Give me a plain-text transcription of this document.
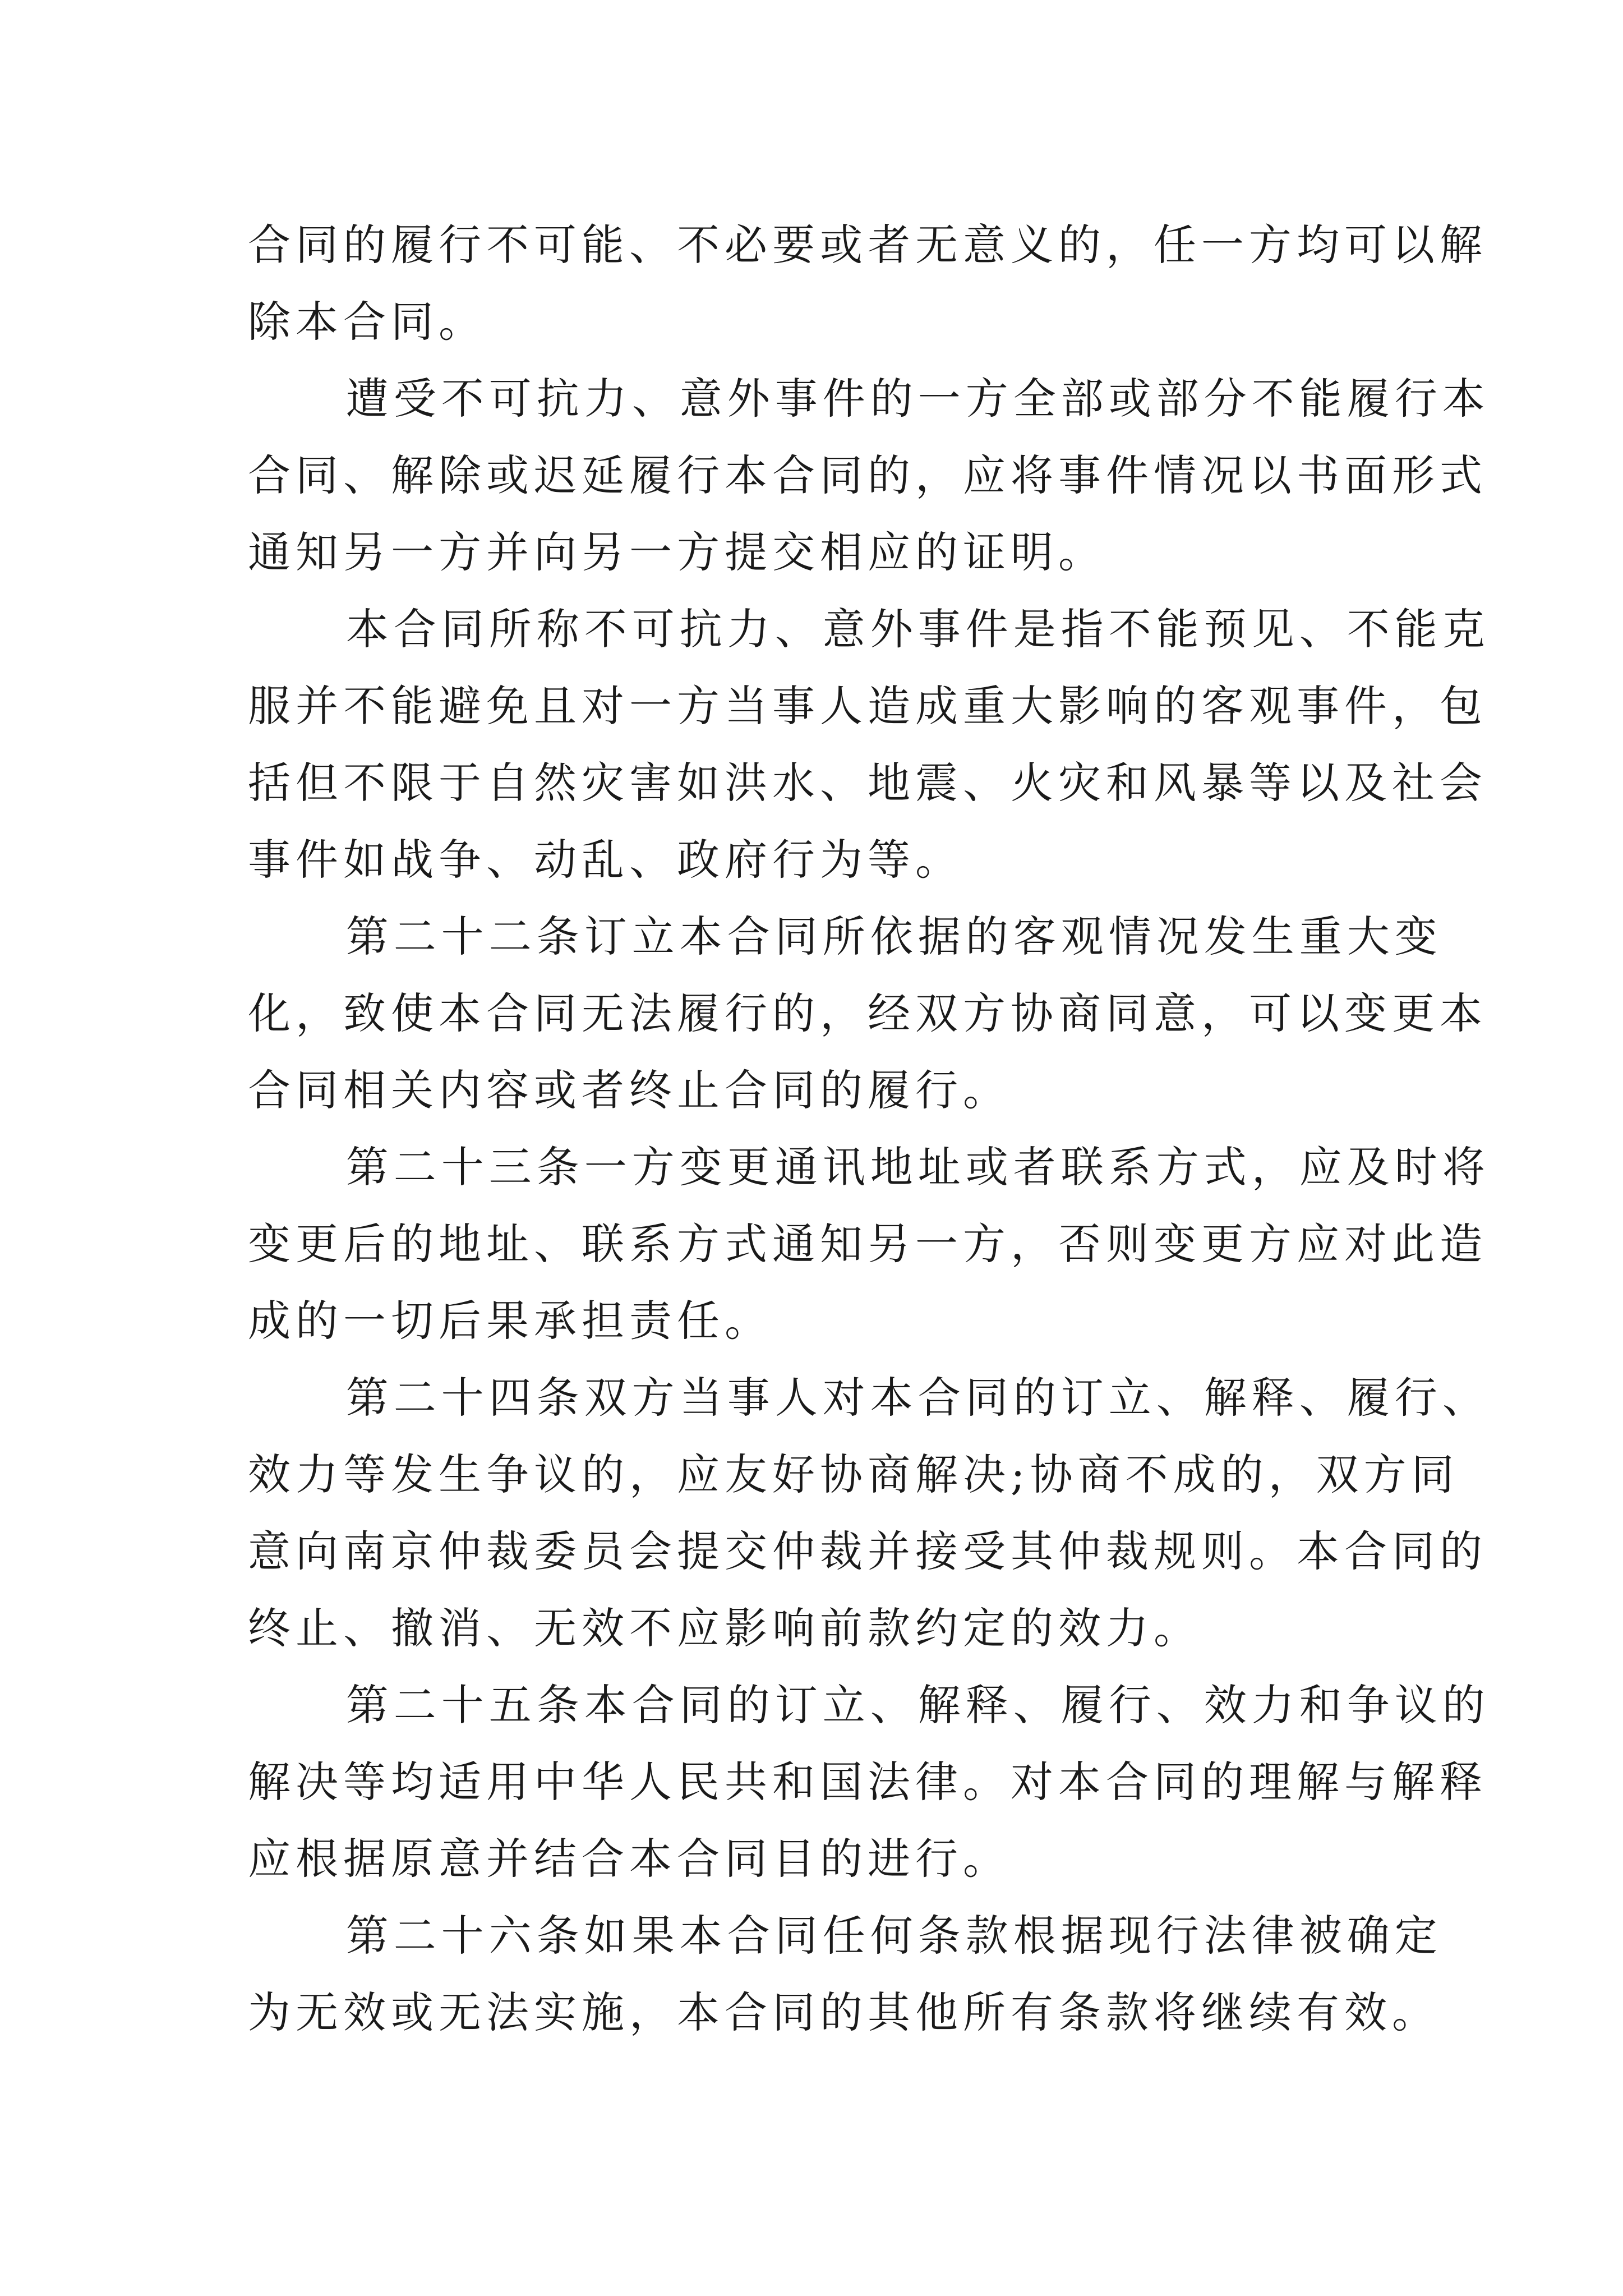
合同的履行不可能、不必要或者无意义的，任一方均可以解
除本合同。

遭受不可抗力、意外事件的一方全部或部分不能履行本
合同、解除或迟延履行本合同的，应将事件情况以书面形式
通知另一方并向另一方提交相应的证明。

本合同所称不可抗力、意外事件是指不能预见、不能克
服并不能避免且对一方当事人造成重大影响的客观事件，包
括但不限于自然灾害如洪水、地震、火灾和风暴等以及社会
事件如战争、动乱、政府行为等。

第二十二条订立本合同所依据的客观情况发生重大变
化，致使本合同无法履行的，经双方协商同意，可以变更本
合同相关内容或者终止合同的履行。

第二十三条一方变更通讯地址或者联系方式，应及时将
变更后的地址、联系方式通知另一方，否则变更方应对此造
成的一切后果承担责任。

第二十四条双方当事人对本合同的订立、解释、履行、
效力等发生争议的，应友好协商解决;协商不成的，双方同
意向南京仲裁委员会提交仲裁并接受其仲裁规则。本合同的
终止、撤消、无效不应影响前款约定的效力。

第二十五条本合同的订立、解释、履行、效力和争议的
解决等均适用中华人民共和国法律。对本合同的理解与解释
应根据原意并结合本合同目的进行。

第二十六条如果本合同任何条款根据现行法律被确定
为无效或无法实施，本合同的其他所有条款将继续有效。
